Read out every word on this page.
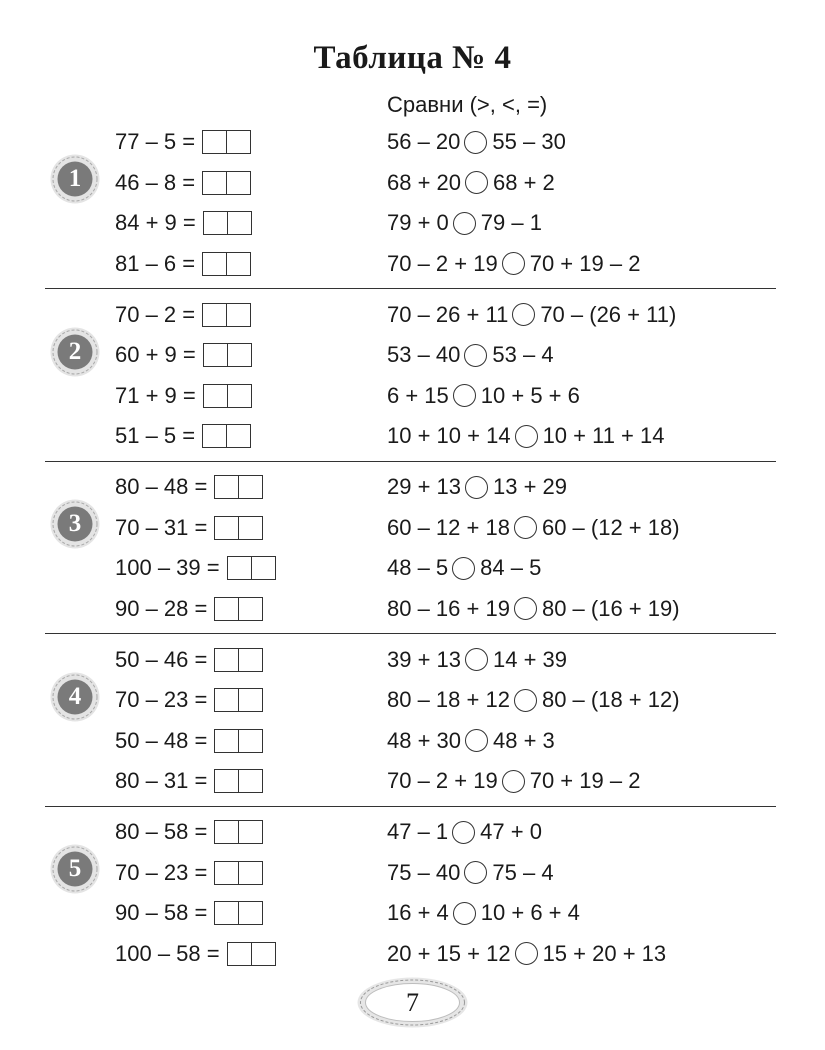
Таблица № 4
Сравни (>, <, =)
1
77 – 5 =
46 – 8 =
84 + 9 =
81 – 6 =
56 – 20 55 – 30
68 + 20 68 + 2
79 + 0 79 – 1
70 – 2 + 19 70 + 19 – 2
2
70 – 2 =
60 + 9 =
71 + 9 =
51 – 5 =
70 – 26 + 11 70 – (26 + 11)
53 – 40 53 – 4
6 + 15 10 + 5 + 6
10 + 10 + 14 10 + 11 + 14
3
80 – 48 =
70 – 31 =
100 – 39 =
90 – 28 =
29 + 13 13 + 29
60 – 12 + 18 60 – (12 + 18)
48 – 5 84 – 5
80 – 16 + 19 80 – (16 + 19)
4
50 – 46 =
70 – 23 =
50 – 48 =
80 – 31 =
39 + 13 14 + 39
80 – 18 + 12 80 – (18 + 12)
48 + 30 48 + 3
70 – 2 + 19 70 + 19 – 2
5
80 – 58 =
70 – 23 =
90 – 58 =
100 – 58 =
47 – 1 47 + 0
75 – 40 75 – 4
16 + 4 10 + 6 + 4
20 + 15 + 12 15 + 20 + 13
7
